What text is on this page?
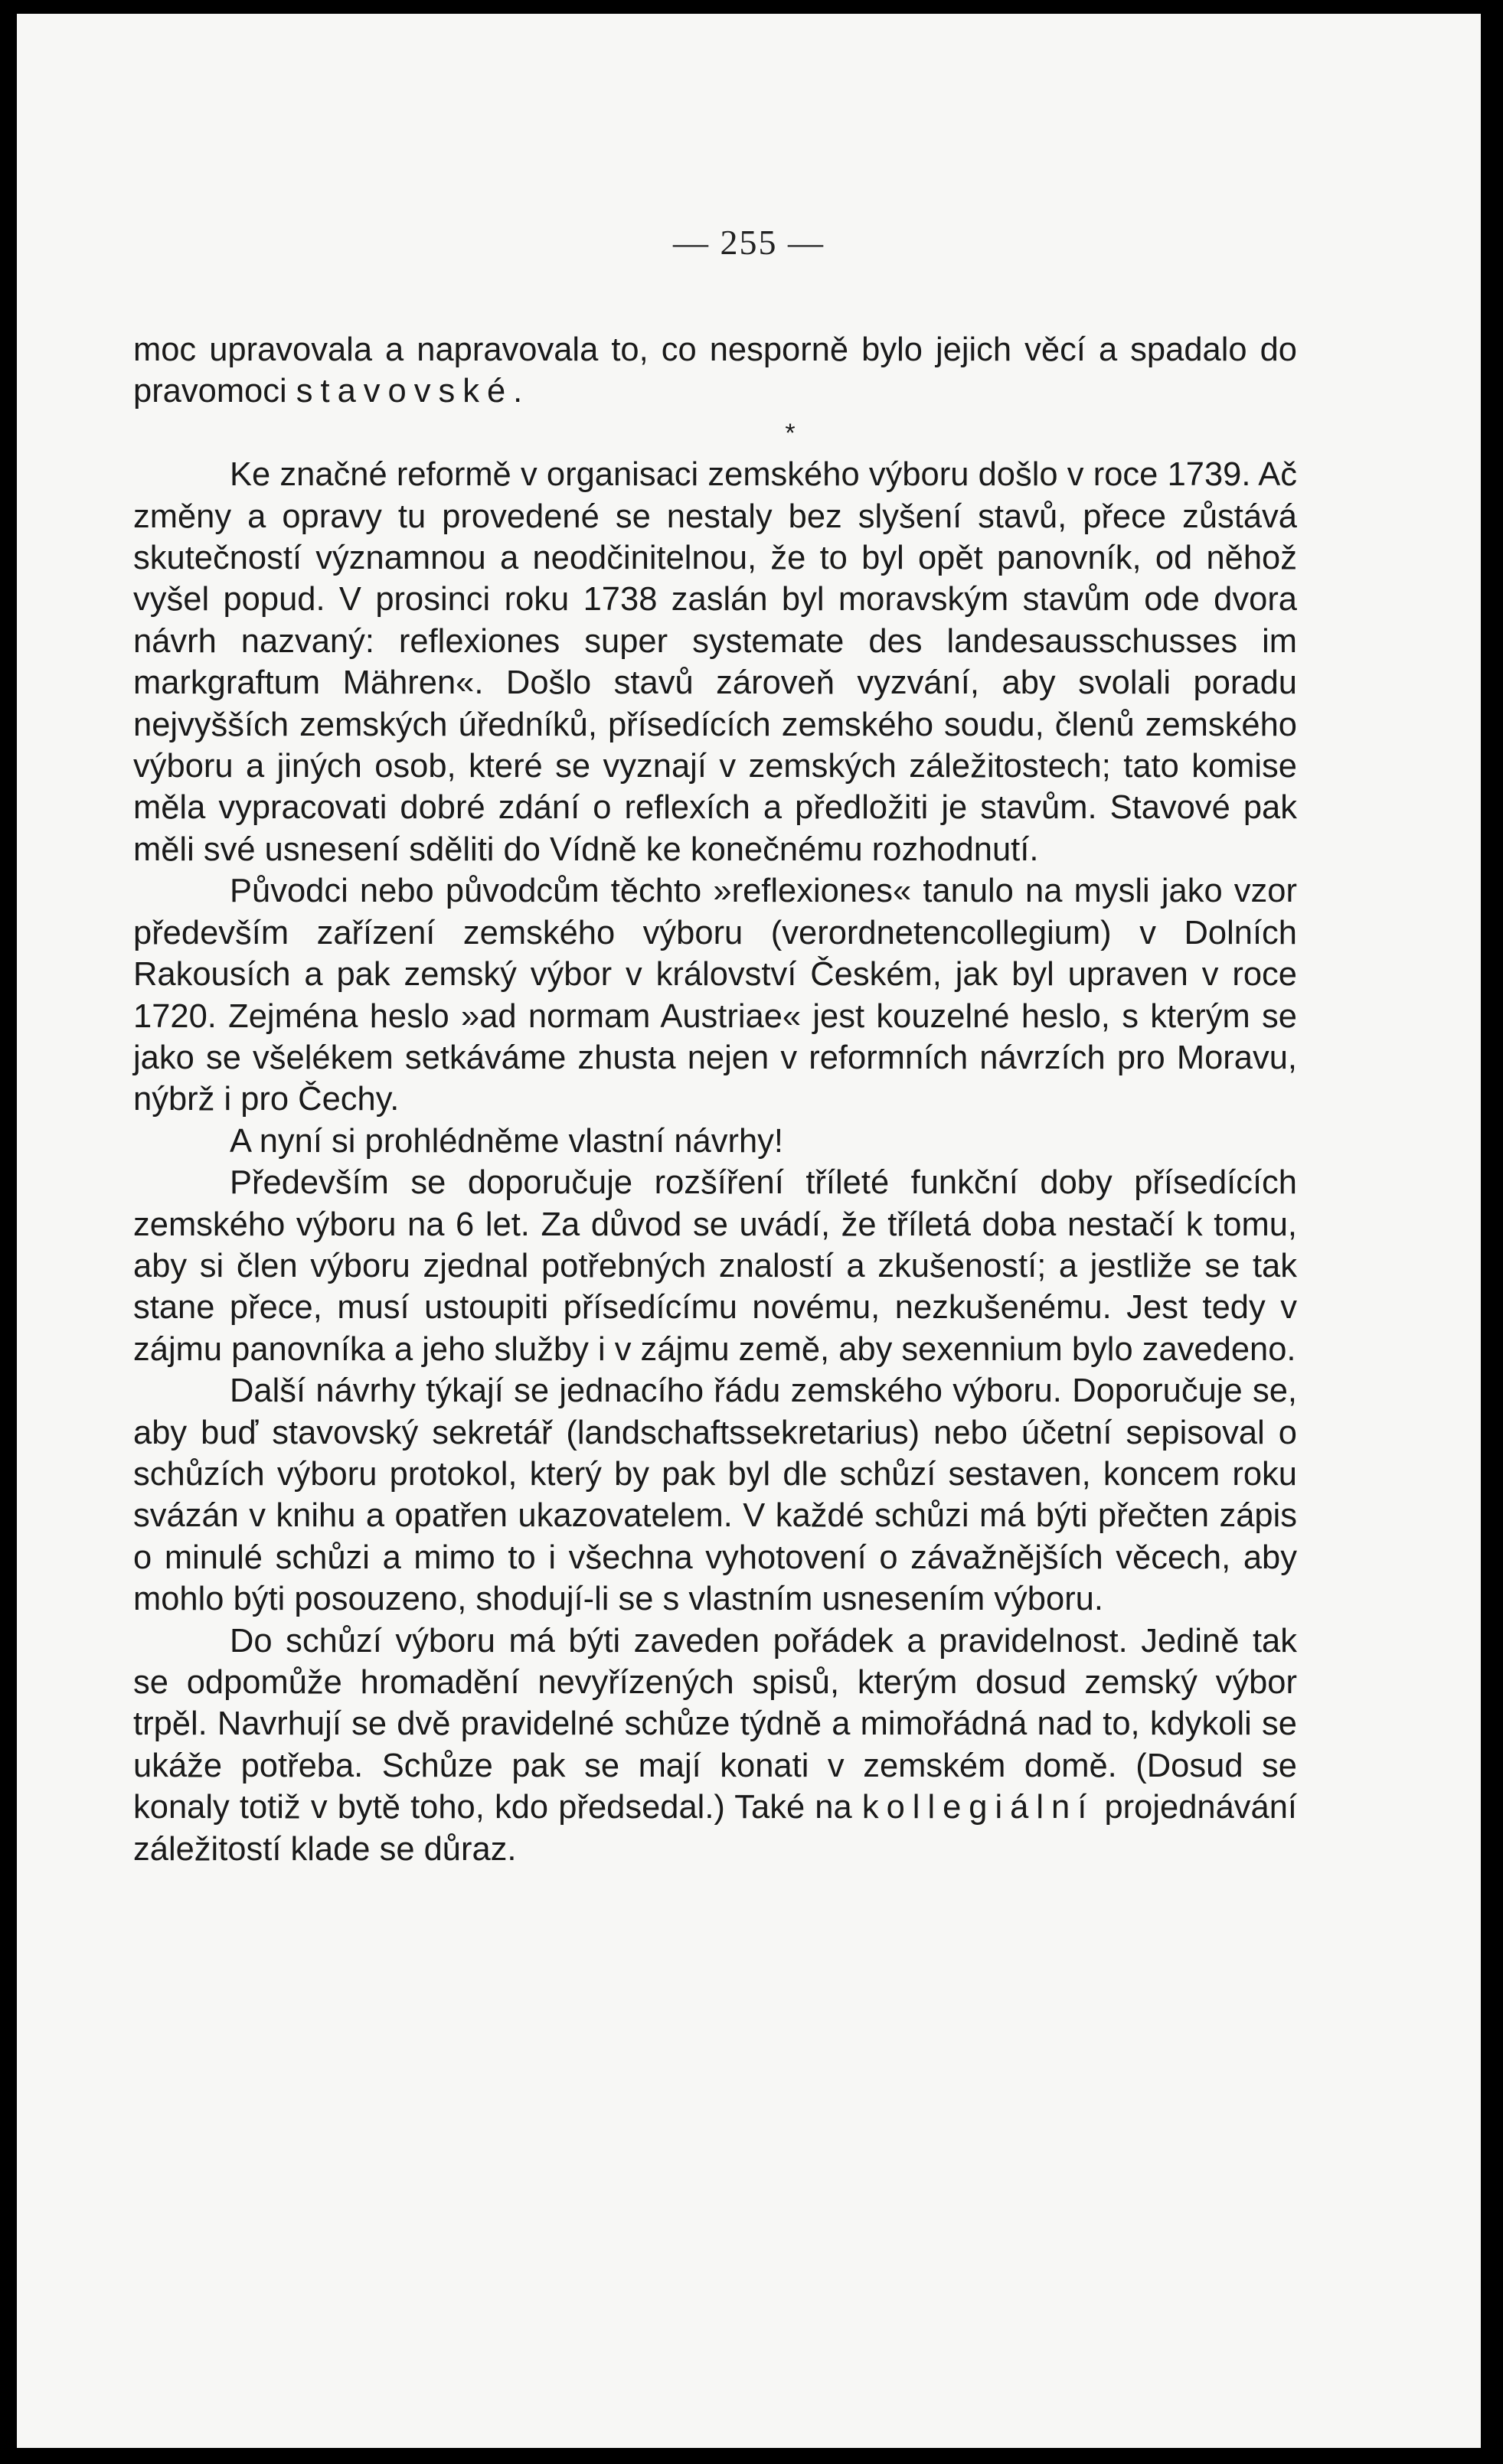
— 255 —

moc upravovala a napravovala to, co nesporně bylo jejich věcí a spadalo do pravomoci stavovské.

*

Ke značné reformě v organisaci zemského výboru došlo v roce 1739. Ač změny a opravy tu provedené se nestaly bez slyšení stavů, přece zůstává skutečností významnou a neodčinitelnou, že to byl opět panovník, od něhož vyšel popud. V prosinci roku 1738 zaslán byl moravským stavům ode dvora návrh nazvaný: reflexiones super systemate des landesausschusses im markgraftum Mähren«. Došlo stavů zároveň vyzvání, aby svolali poradu nejvyšších zemských úředníků, přísedících zemského soudu, členů zemského výboru a jiných osob, které se vyznají v zemských záležitostech; tato komise měla vypracovati dobré zdání o reflexích a předložiti je stavům. Stavové pak měli své usnesení sděliti do Vídně ke konečnému rozhodnutí.

Původci nebo původcům těchto »reflexiones« tanulo na mysli jako vzor především zařízení zemského výboru (verordnetencollegium) v Dolních Rakousích a pak zemský výbor v království Českém, jak byl upraven v roce 1720. Zejména heslo »ad normam Austriae« jest kouzelné heslo, s kterým se jako se všelékem setkáváme zhusta nejen v reformních návrzích pro Moravu, nýbrž i pro Čechy.

A nyní si prohlédněme vlastní návrhy!

Především se doporučuje rozšíření tříleté funkční doby přísedících zemského výboru na 6 let. Za důvod se uvádí, že tříletá doba nestačí k tomu, aby si člen výboru zjednal potřebných znalostí a zkušeností; a jestliže se tak stane přece, musí ustoupiti přísedícímu novému, nezkušenému. Jest tedy v zájmu panovníka a jeho služby i v zájmu země, aby sexennium bylo zavedeno.

Další návrhy týkají se jednacího řádu zemského výboru. Doporučuje se, aby buď stavovský sekretář (landschaftssekretarius) nebo účetní sepisoval o schůzích výboru protokol, který by pak byl dle schůzí sestaven, koncem roku svázán v knihu a opatřen ukazovatelem. V každé schůzi má býti přečten zápis o minulé schůzi a mimo to i všechna vyhotovení o závažnějších věcech, aby mohlo býti posouzeno, shodují-li se s vlastním usnesením výboru.

Do schůzí výboru má býti zaveden pořádek a pravidelnost. Jedině tak se odpomůže hromadění nevyřízených spisů, kterým dosud zemský výbor trpěl. Navrhují se dvě pravidelné schůze týdně a mimořádná nad to, kdykoli se ukáže potřeba. Schůze pak se mají konati v zemském domě. (Dosud se konaly totiž v bytě toho, kdo předsedal.) Také na kollegiální projednávání záležitostí klade se důraz.
